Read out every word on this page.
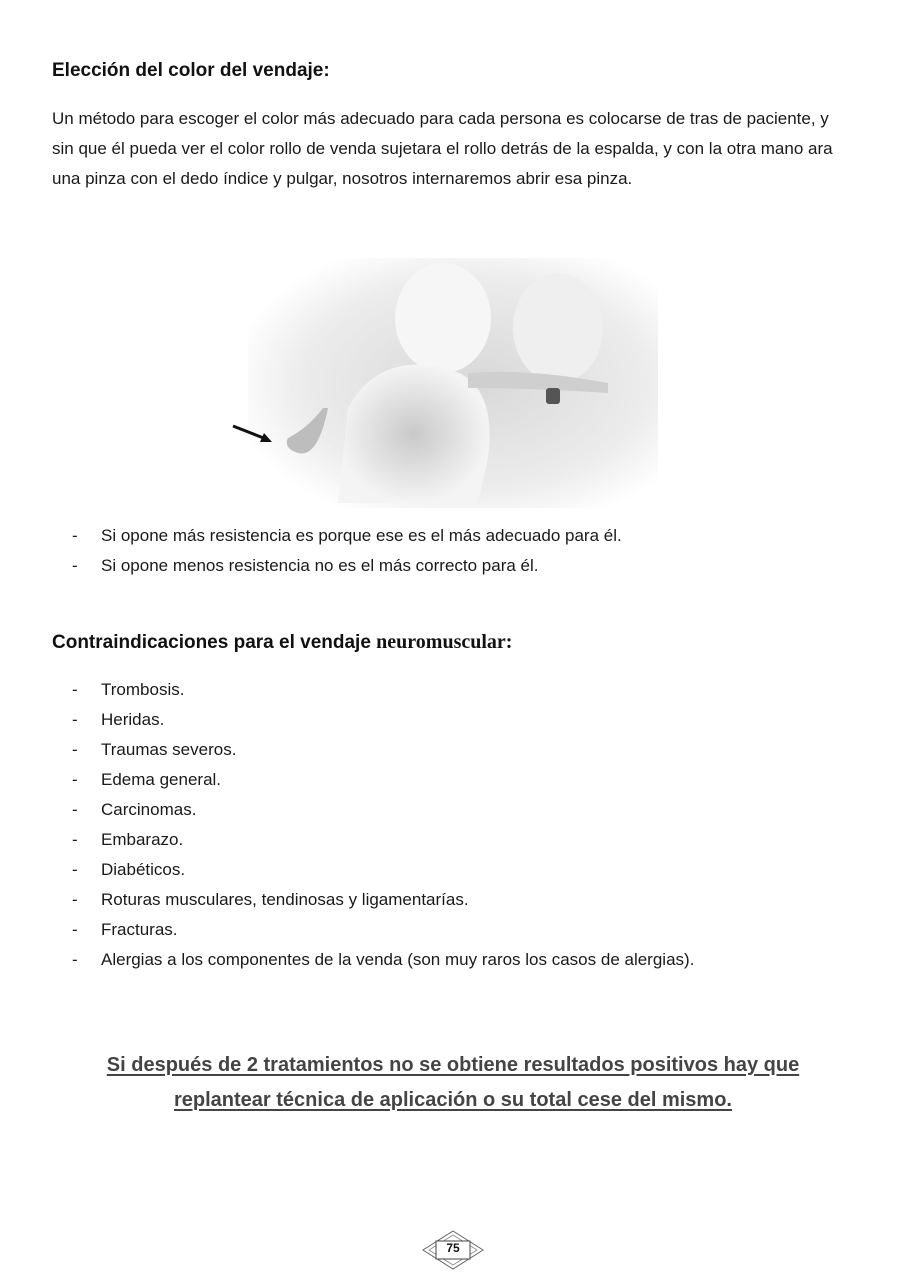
Elección del color del vendaje:

Un método para escoger el color más adecuado para cada persona es colocarse de tras de paciente, y sin que él pueda ver el color rollo de venda sujetara el rollo detrás de la espalda, y con la otra mano ara una pinza con el dedo índice y pulgar, nosotros internaremos abrir esa pinza.

- Si opone más resistencia es porque ese es el más adecuado para él.
- Si opone menos resistencia no es el más correcto para él.
Contraindicaciones para el vendaje neuromuscular:
- Trombosis.
- Heridas.
- Traumas severos.
- Edema general.
- Carcinomas.
- Embarazo.
- Diabéticos.
- Roturas musculares, tendinosas y ligamentarías.
- Fracturas.
- Alergias a los componentes de la venda (son muy raros los casos de alergias).

Si después de 2 tratamientos no se obtiene resultados positivos hay que
replantear técnica de aplicación o su total cese del mismo.

75
